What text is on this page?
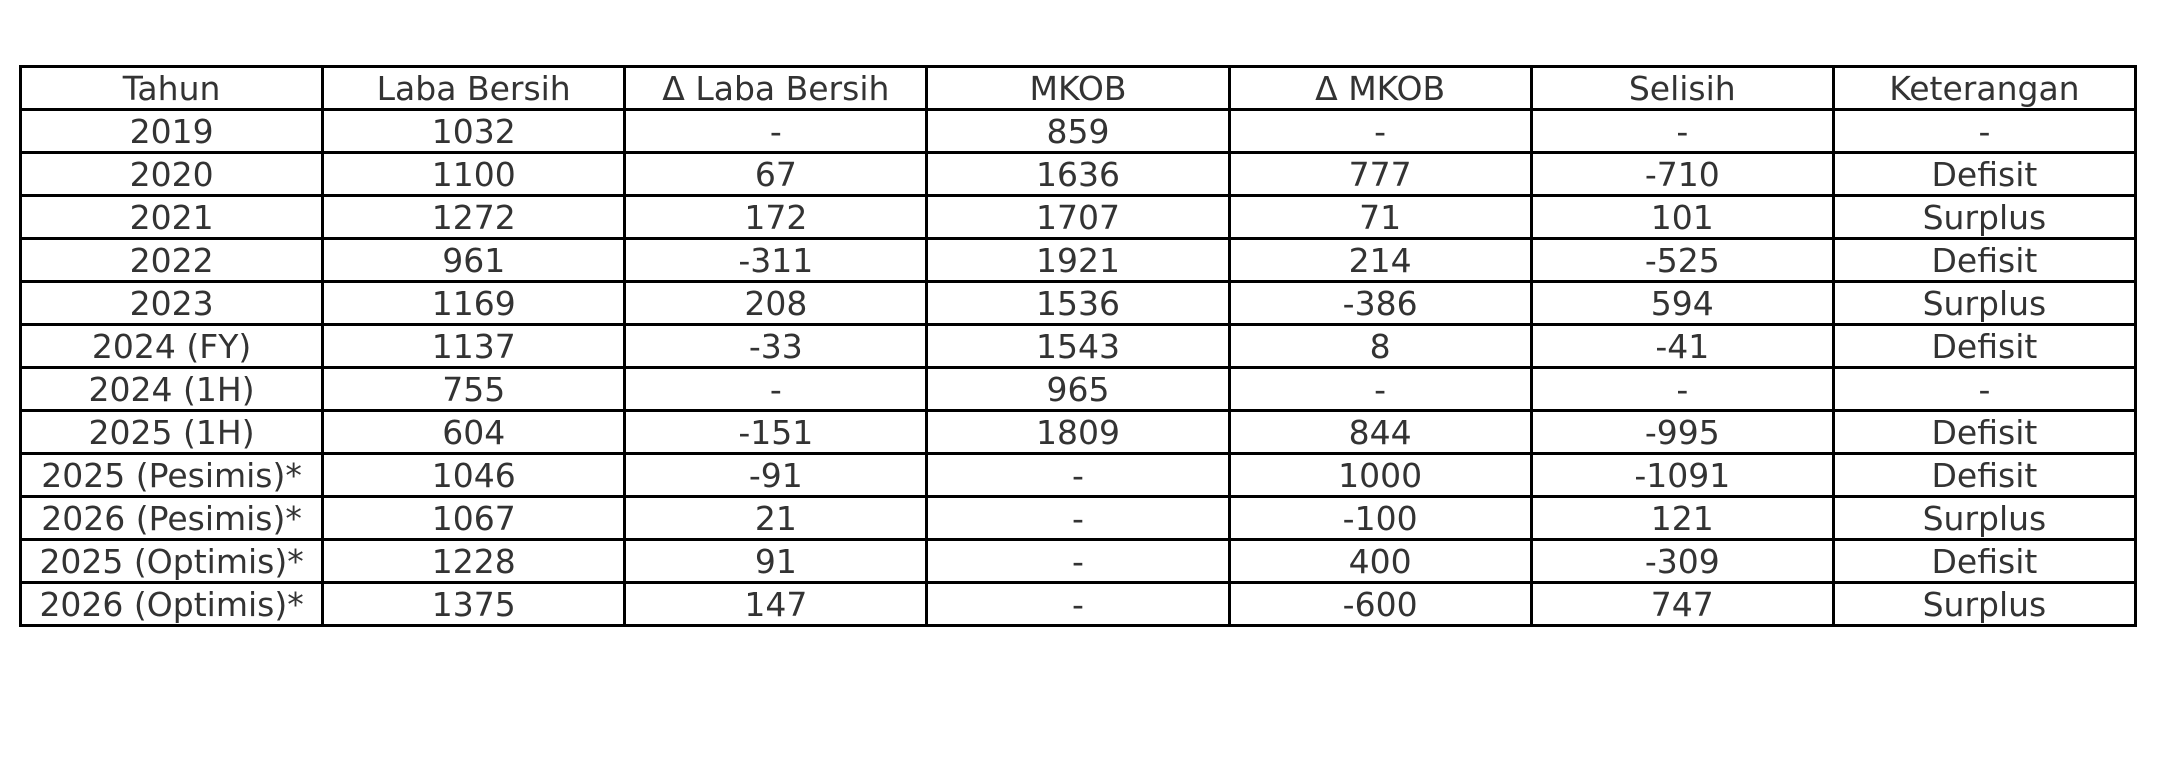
Tahun	Laba Bersih	Δ Laba Bersih	MKOB	Δ MKOB	Selisih	Keterangan
2019	1032	-	859	-	-	-
2020	1100	67	1636	777	-710	Defisit
2021	1272	172	1707	71	101	Surplus
2022	961	-311	1921	214	-525	Defisit
2023	1169	208	1536	-386	594	Surplus
2024 (FY)	1137	-33	1543	8	-41	Defisit
2024 (1H)	755	-	965	-	-	-
2025 (1H)	604	-151	1809	844	-995	Defisit
2025 (Pesimis)*	1046	-91	-	1000	-1091	Defisit
2026 (Pesimis)*	1067	21	-	-100	121	Surplus
2025 (Optimis)*	1228	91	-	400	-309	Defisit
2026 (Optimis)*	1375	147	-	-600	747	Surplus
